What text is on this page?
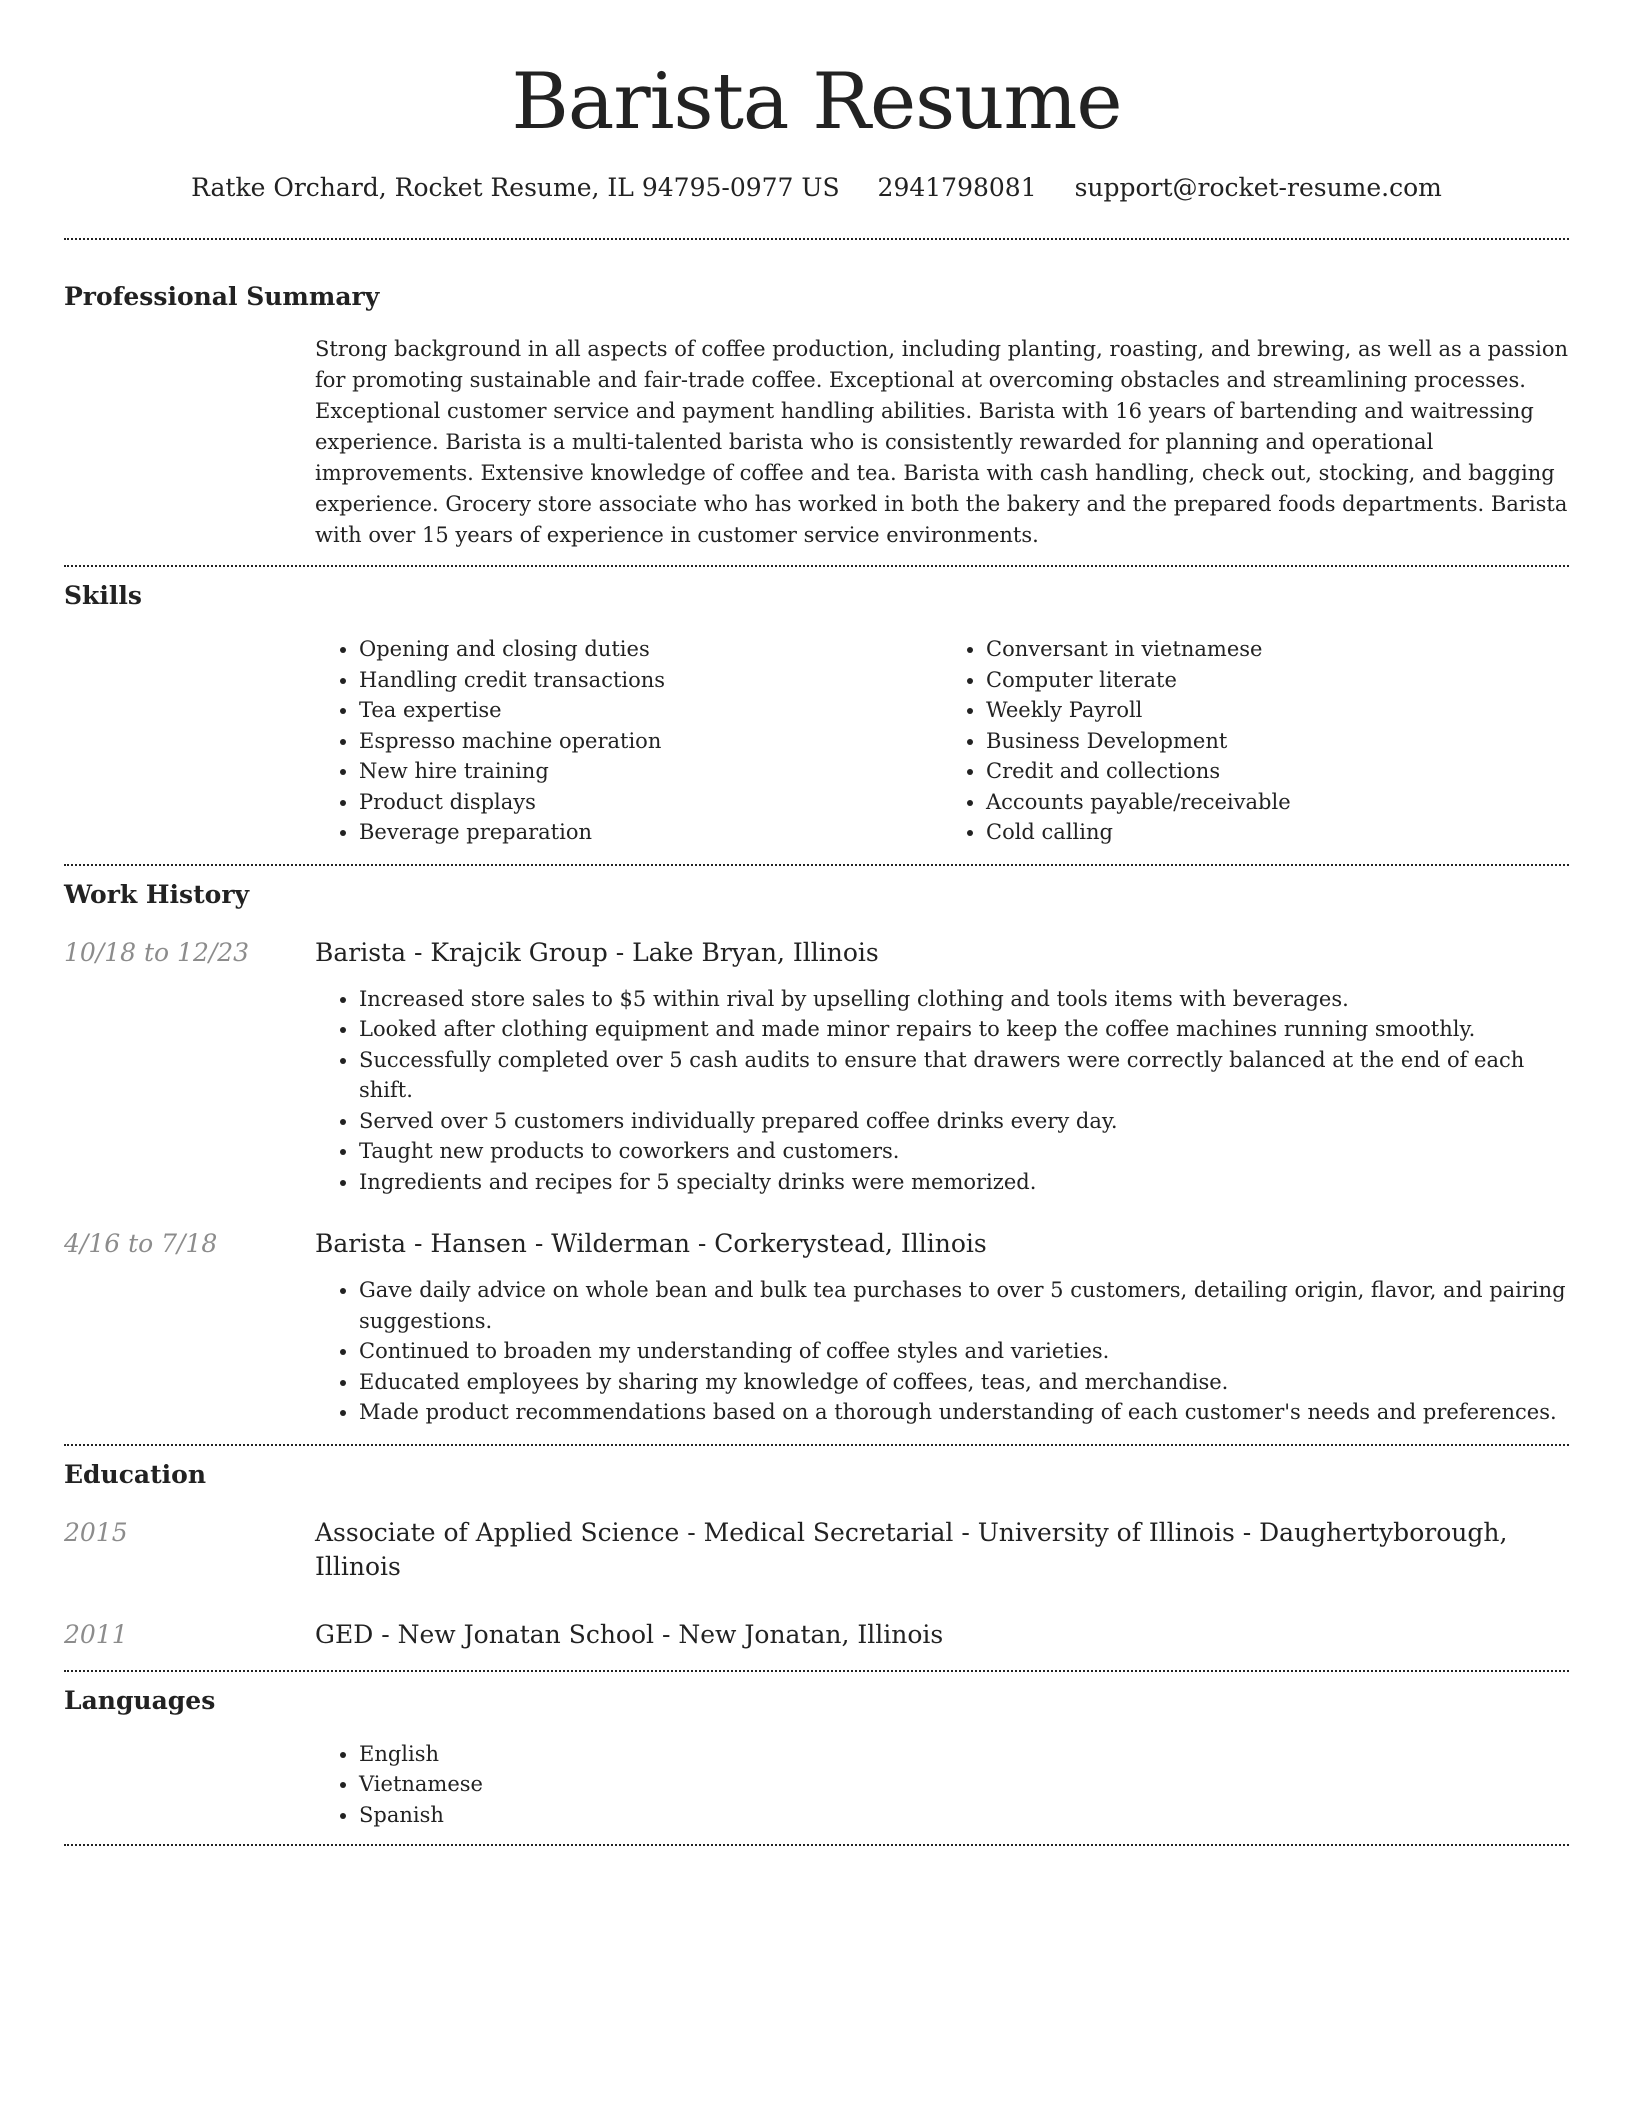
Barista Resume
Ratke Orchard, Rocket Resume, IL 94795-0977 US 2941798081 support@rocket-resume.com
Professional Summary
Strong background in all aspects of coffee production, including planting, roasting, and brewing, as well as a passion for promoting sustainable and fair-trade coffee. Exceptional at overcoming obstacles and streamlining processes. Exceptional customer service and payment handling abilities. Barista with 16 years of bartending and waitressing experience. Barista is a multi-talented barista who is consistently rewarded for planning and operational improvements. Extensive knowledge of coffee and tea. Barista with cash handling, check out, stocking, and bagging experience. Grocery store associate who has worked in both the bakery and the prepared foods departments. Barista with over 15 years of experience in customer service environments.
Skills
• Opening and closing duties
• Handling credit transactions
• Tea expertise
• Espresso machine operation
• New hire training
• Product displays
• Beverage preparation
• Conversant in vietnamese
• Computer literate
• Weekly Payroll
• Business Development
• Credit and collections
• Accounts payable/receivable
• Cold calling
Work History
10/18 to 12/23	Barista - Krajcik Group - Lake Bryan, Illinois
• Increased store sales to $5 within rival by upselling clothing and tools items with beverages.
• Looked after clothing equipment and made minor repairs to keep the coffee machines running smoothly.
• Successfully completed over 5 cash audits to ensure that drawers were correctly balanced at the end of each shift.
• Served over 5 customers individually prepared coffee drinks every day.
• Taught new products to coworkers and customers.
• Ingredients and recipes for 5 specialty drinks were memorized.
4/16 to 7/18	Barista - Hansen - Wilderman - Corkerystead, Illinois
• Gave daily advice on whole bean and bulk tea purchases to over 5 customers, detailing origin, flavor, and pairing suggestions.
• Continued to broaden my understanding of coffee styles and varieties.
• Educated employees by sharing my knowledge of coffees, teas, and merchandise.
• Made product recommendations based on a thorough understanding of each customer's needs and preferences.
Education
2015	Associate of Applied Science - Medical Secretarial - University of Illinois - Daughertyborough, Illinois
2011	GED - New Jonatan School - New Jonatan, Illinois
Languages
• English
• Vietnamese
• Spanish
